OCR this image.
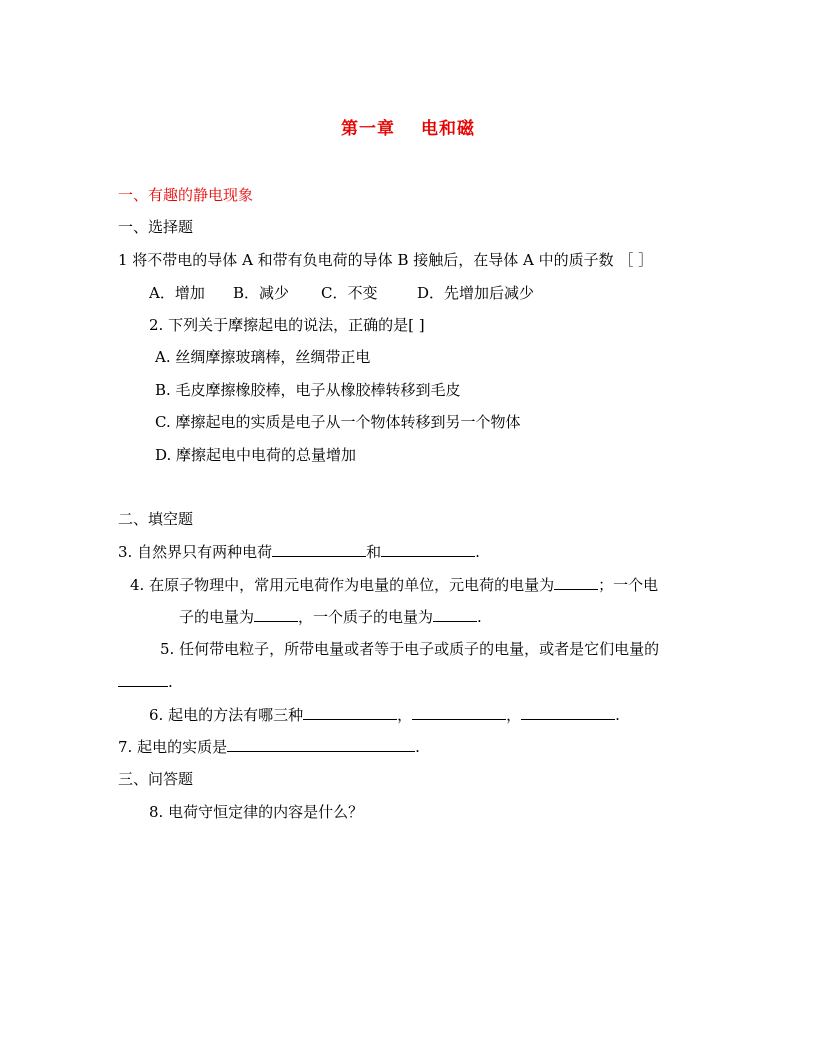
第一章 电和磁
一、有趣的静电现象
一、选择题
1 将不带电的导体 A 和带有负电荷的导体 B 接触后，在导体 A 中的质子数 ［ ］
A．增加 B．减少 C．不变	D．先增加后减少
2. 下列关于摩擦起电的说法，正确的是[ ]
A. 丝绸摩擦玻璃棒，丝绸带正电
B. 毛皮摩擦橡胶棒，电子从橡胶棒转移到毛皮
C. 摩擦起电的实质是电子从一个物体转移到另一个物体
D. 摩擦起电中电荷的总量增加
二、填空题
3. 自然界只有两种电荷	和	.
4. 在原子物理中，常用元电荷作为电量的单位，元电荷的电量为	；一个电
子的电量为	，一个质子的电量为	.
5. 任何带电粒子，所带电量或者等于电子或质子的电量，或者是它们电量的
.
6. 起电的方法有哪三种	，	，	.
7. 起电的实质是	.
三、问答题
8. 电荷守恒定律的内容是什么？
